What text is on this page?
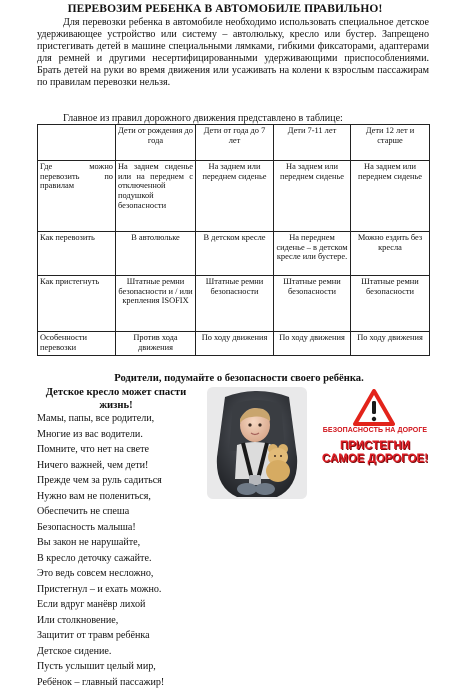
ПЕРЕВОЗИМ РЕБЕНКА В АВТОМОБИЛЕ ПРАВИЛЬНО!
Для перевозки ребенка в автомобиле необходимо использовать специальное детское удерживающее устройство или систему – автолюльку, кресло или бустер. Запрещено пристегивать детей в машине специальными лямками, гибкими фиксаторами, адаптерами для ремней и другими несертифицированными удерживающими приспособлениями. Брать детей на руки во время движения или усаживать на колени к взрослым пассажирам по правилам перевозки нельзя.
Главное из правил дорожного движения представлено в таблице:
	Дети от рождения до года	Дети от года до 7 лет	Дети 7-11 лет	Дети 12 лет и старше
Где можно перевозить по правилам	На заднем сиденье или на переднем с отключенной подушкой безопасности	На заднем или переднем сиденье	На заднем или переднем сиденье	На заднем или переднем сиденье
Как перевозить	В автолюльке	В детском кресле	На переднем сиденье – в детском кресле или бустере.	Можно ездить без кресла
Как пристегнуть	Штатные ремни безопасности и / или крепления ISOFIX	Штатные ремни безопасности	Штатные ремни безопасности	Штатные ремни безопасности
Особенности перевозки	Против хода движения	По ходу движения	По ходу движения	По ходу движения
Родители, подумайте о безопасности своего ребёнка.
Детское кресло может спасти жизнь!
Мамы, папы, все родители,
Многие из вас водители.
Помните, что нет на свете
Ничего важней, чем дети!
Прежде чем за руль садиться
Нужно вам не полениться,
Обеспечить не спеша
Безопасность малыша!
Вы закон не нарушайте,
В кресло деточку сажайте.
Это ведь совсем несложно,
Пристегнул – и ехать можно.
Если вдруг манёвр лихой
Или столкновение,
Защитит от травм ребёнка
Детское сидение.
Пусть услышит целый мир,
Ребёнок – главный пассажир!
БЕЗОПАСНОСТЬ НА ДОРОГЕ
ПРИСТЕГНИ
САМОЕ ДОРОГОЕ!
